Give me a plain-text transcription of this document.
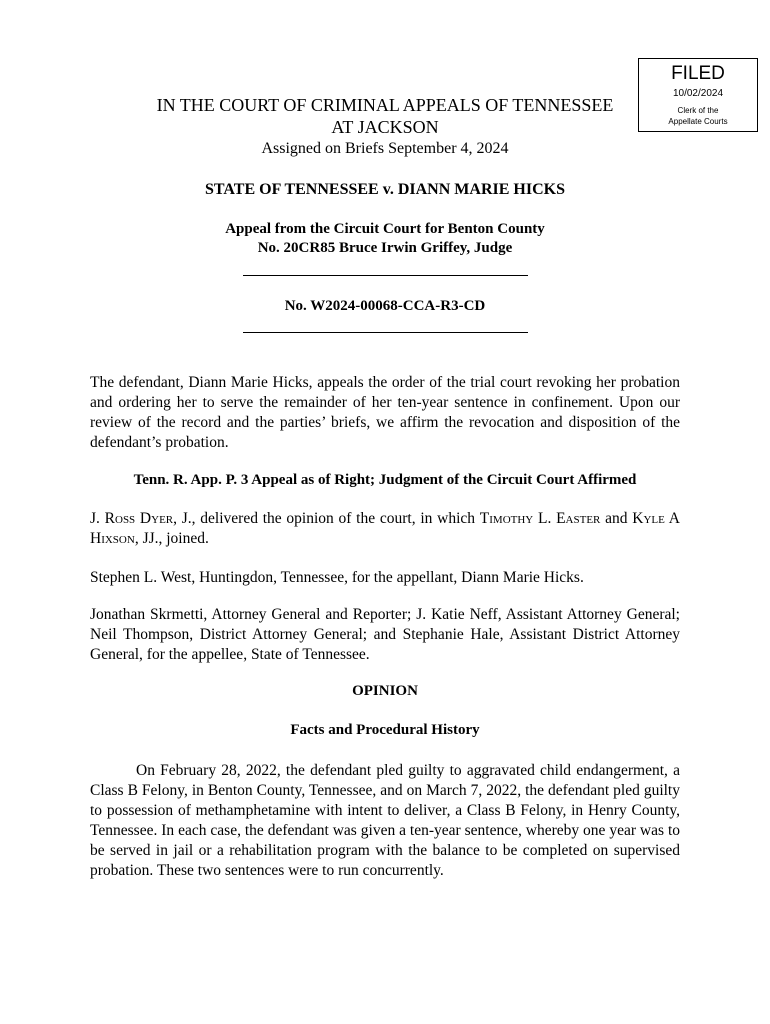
FILED
10/02/2024
Clerk of the
Appellate Courts
IN THE COURT OF CRIMINAL APPEALS OF TENNESSEE
AT JACKSON
Assigned on Briefs September 4, 2024
STATE OF TENNESSEE v. DIANN MARIE HICKS
Appeal from the Circuit Court for Benton County
No. 20CR85 Bruce Irwin Griffey, Judge
No. W2024-00068-CCA-R3-CD
The defendant, Diann Marie Hicks, appeals the order of the trial court revoking her probation and ordering her to serve the remainder of her ten-year sentence in confinement. Upon our review of the record and the parties’ briefs, we affirm the revocation and disposition of the defendant’s probation.
Tenn. R. App. P. 3 Appeal as of Right; Judgment of the Circuit Court Affirmed
J. Ross Dyer, J., delivered the opinion of the court, in which Timothy L. Easter and Kyle A Hixson, JJ., joined.
Stephen L. West, Huntingdon, Tennessee, for the appellant, Diann Marie Hicks.
Jonathan Skrmetti, Attorney General and Reporter; J. Katie Neff, Assistant Attorney General; Neil Thompson, District Attorney General; and Stephanie Hale, Assistant District Attorney General, for the appellee, State of Tennessee.
OPINION
Facts and Procedural History
On February 28, 2022, the defendant pled guilty to aggravated child endangerment, a Class B Felony, in Benton County, Tennessee, and on March 7, 2022, the defendant pled guilty to possession of methamphetamine with intent to deliver, a Class B Felony, in Henry County, Tennessee. In each case, the defendant was given a ten-year sentence, whereby one year was to be served in jail or a rehabilitation program with the balance to be completed on supervised probation. These two sentences were to run concurrently.
